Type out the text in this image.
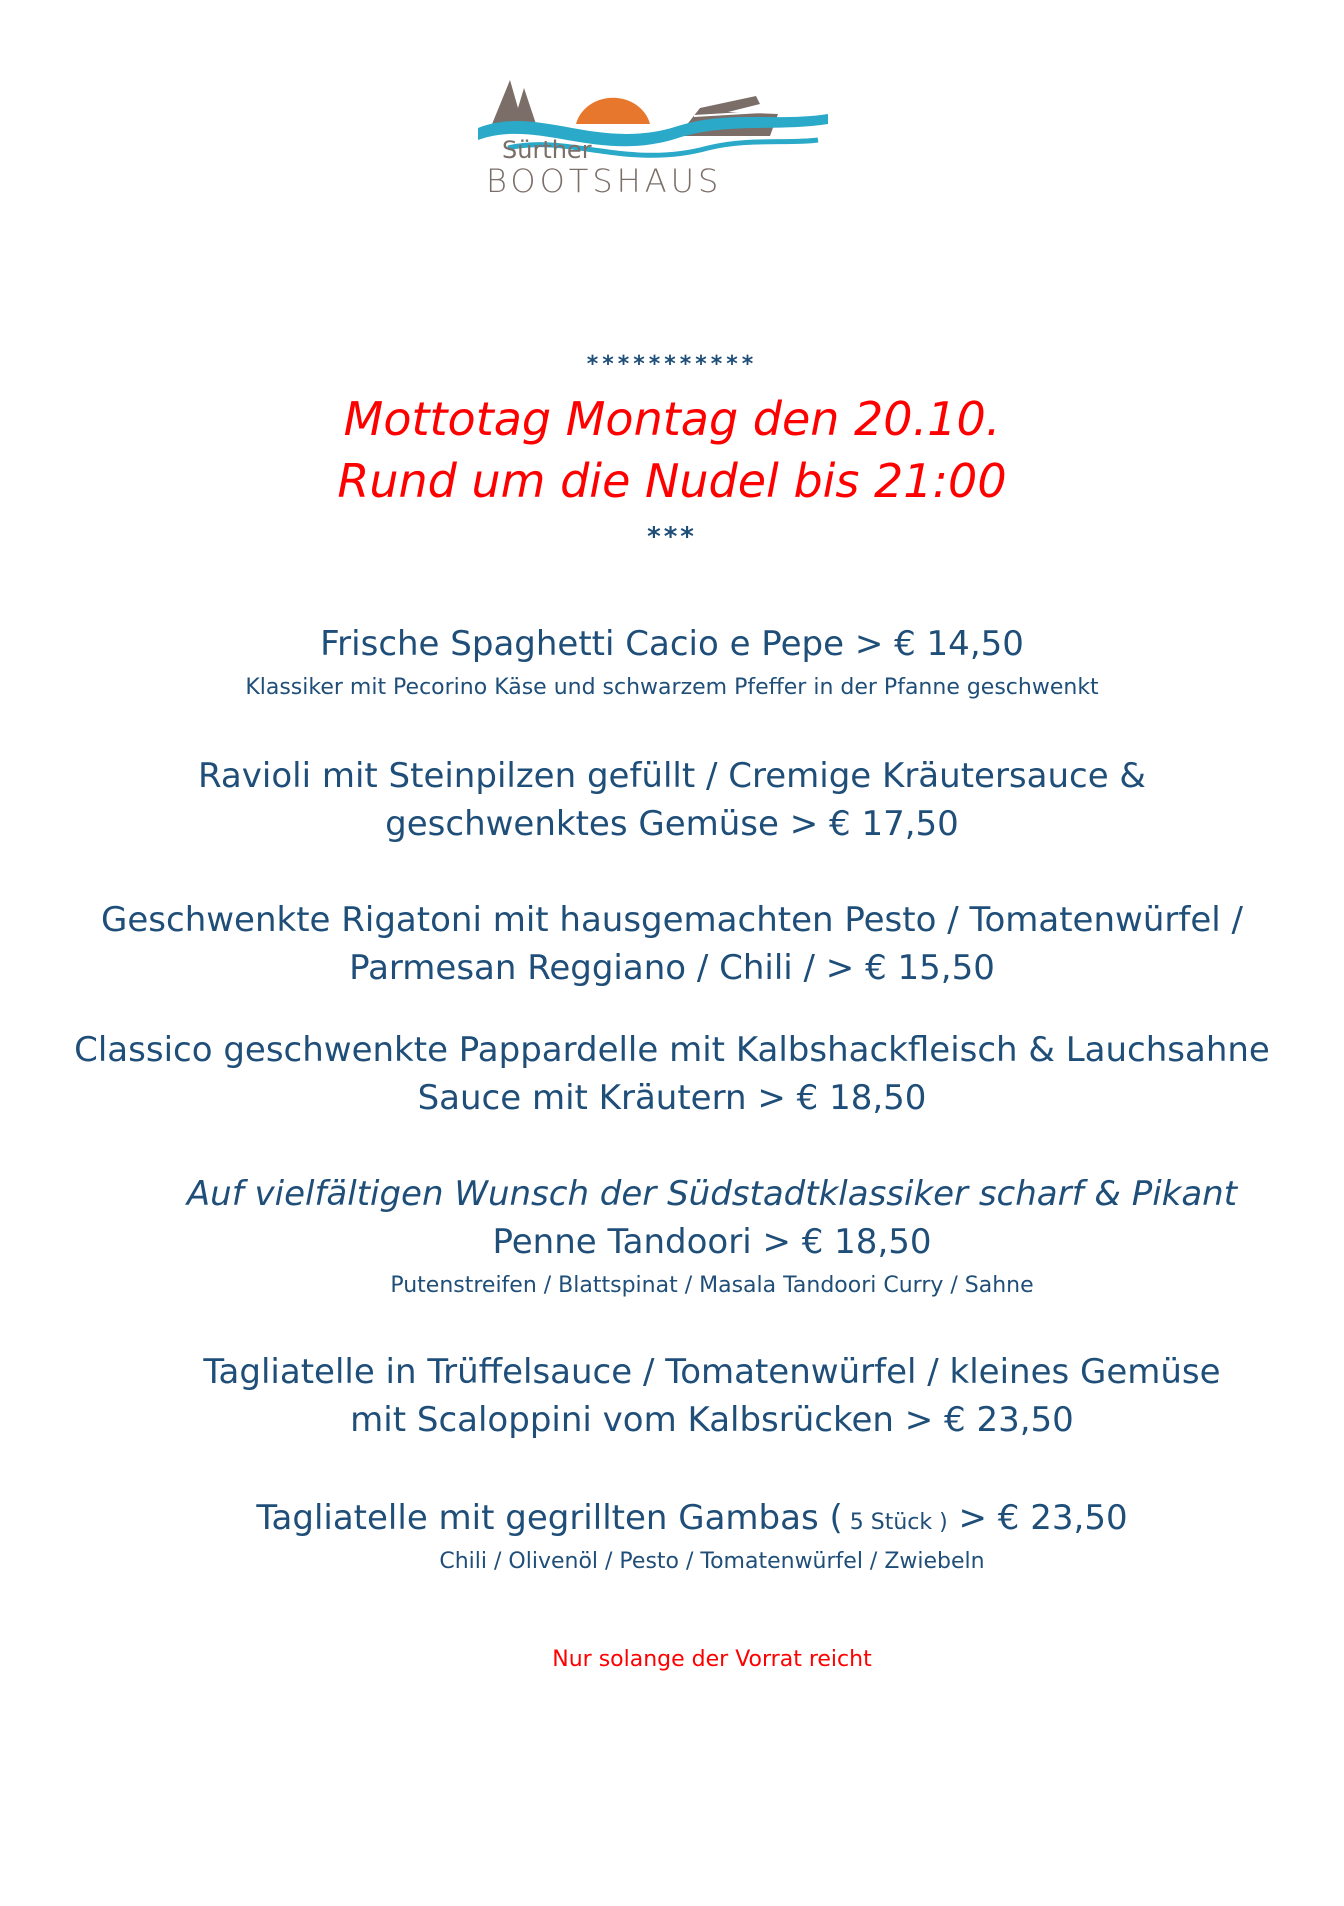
Sürther
BOOTSHAUS
***********
Mottotag Montag den 20.10.
Rund um die Nudel bis 21:00
***
Frische Spaghetti Cacio e Pepe > € 14,50
Klassiker mit Pecorino Käse und schwarzem Pfeffer in der Pfanne geschwenkt
Ravioli mit Steinpilzen gefüllt / Cremige Kräutersauce &
geschwenktes Gemüse > € 17,50
Geschwenkte Rigatoni mit hausgemachten Pesto / Tomatenwürfel /
Parmesan Reggiano / Chili / > € 15,50
Classico geschwenkte Pappardelle mit Kalbshackfleisch & Lauchsahne
Sauce mit Kräutern > € 18,50
Auf vielfältigen Wunsch der Südstadtklassiker scharf & Pikant
Penne Tandoori > € 18,50
Putenstreifen / Blattspinat / Masala Tandoori Curry / Sahne
Tagliatelle in Trüffelsauce / Tomatenwürfel / kleines Gemüse
mit Scaloppini vom Kalbsrücken > € 23,50
Tagliatelle mit gegrillten Gambas ( 5 Stück ) > € 23,50
Chili / Olivenöl / Pesto / Tomatenwürfel / Zwiebeln
Nur solange der Vorrat reicht
